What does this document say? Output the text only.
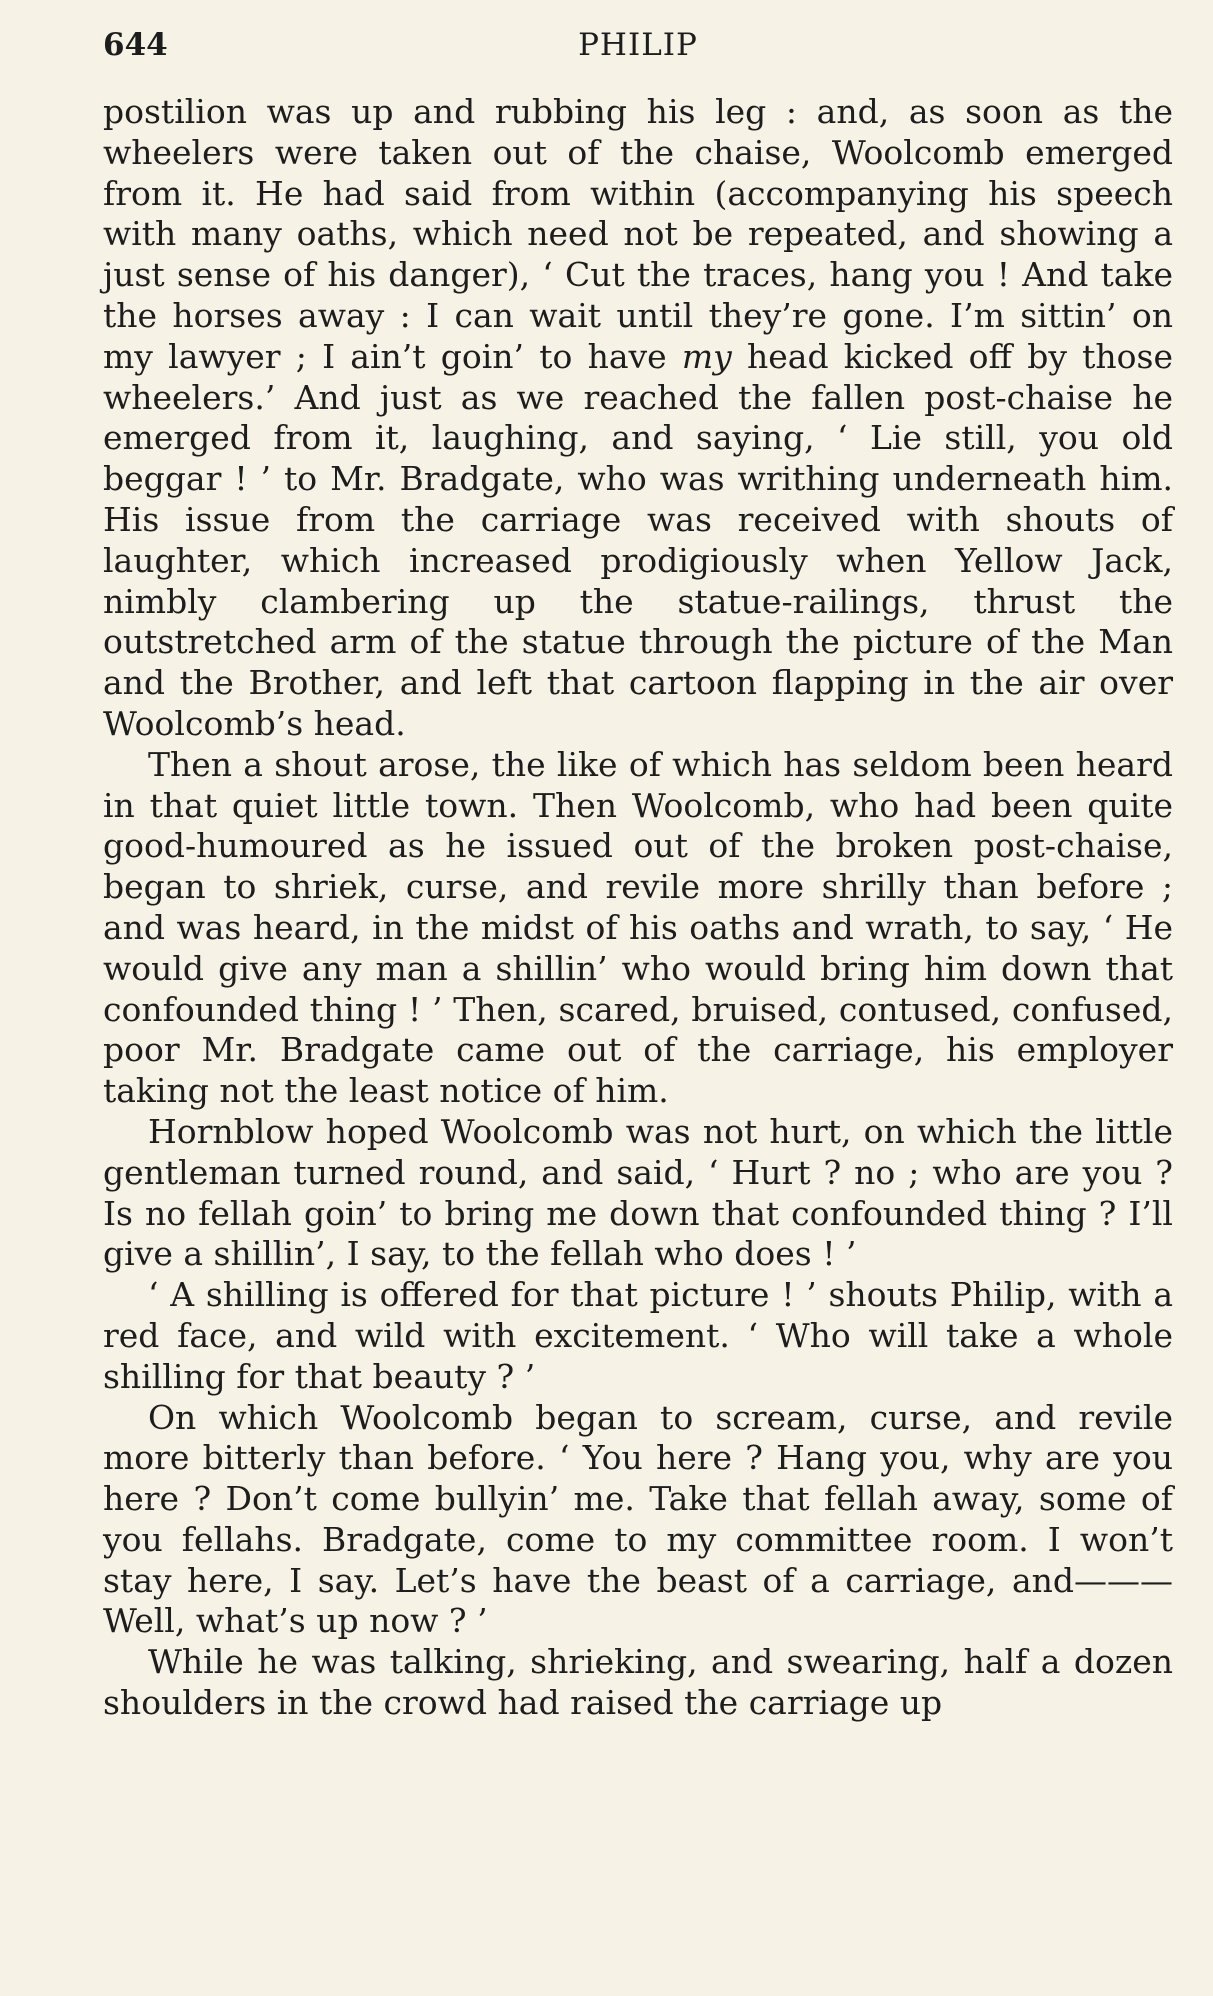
644	PHILIP

postilion was up and rubbing his leg : and, as soon as the wheelers were taken out of the chaise, Woolcomb emerged from it. He had said from within (accompanying his speech with many oaths, which need not be repeated, and showing a just sense of his danger), ‘ Cut the traces, hang you ! And take the horses away : I can wait until they’re gone. I’m sittin’ on my lawyer ; I ain’t goin’ to have my head kicked off by those wheelers.’ And just as we reached the fallen post-chaise he emerged from it, laughing, and saying, ‘ Lie still, you old beggar ! ’ to Mr. Bradgate, who was writhing underneath him. His issue from the carriage was received with shouts of laughter, which increased prodigiously when Yellow Jack, nimbly clambering up the statue-railings, thrust the outstretched arm of the statue through the picture of the Man and the Brother, and left that cartoon flapping in the air over Woolcomb’s head.

Then a shout arose, the like of which has seldom been heard in that quiet little town. Then Woolcomb, who had been quite good-humoured as he issued out of the broken post-chaise, began to shriek, curse, and revile more shrilly than before ; and was heard, in the midst of his oaths and wrath, to say, ‘ He would give any man a shillin’ who would bring him down that confounded thing ! ’ Then, scared, bruised, contused, confused, poor Mr. Bradgate came out of the carriage, his employer taking not the least notice of him.

Hornblow hoped Woolcomb was not hurt, on which the little gentleman turned round, and said, ‘ Hurt ? no ; who are you ? Is no fellah goin’ to bring me down that confounded thing ? I’ll give a shillin’, I say, to the fellah who does ! ’

‘ A shilling is offered for that picture ! ’ shouts Philip, with a red face, and wild with excitement. ‘ Who will take a whole shilling for that beauty ? ’

On which Woolcomb began to scream, curse, and revile more bitterly than before. ‘ You here ? Hang you, why are you here ? Don’t come bullyin’ me. Take that fellah away, some of you fellahs. Bradgate, come to my committee room. I won’t stay here, I say. Let’s have the beast of a carriage, and———Well, what’s up now ? ’

While he was talking, shrieking, and swearing, half a dozen shoulders in the crowd had raised the carriage up
